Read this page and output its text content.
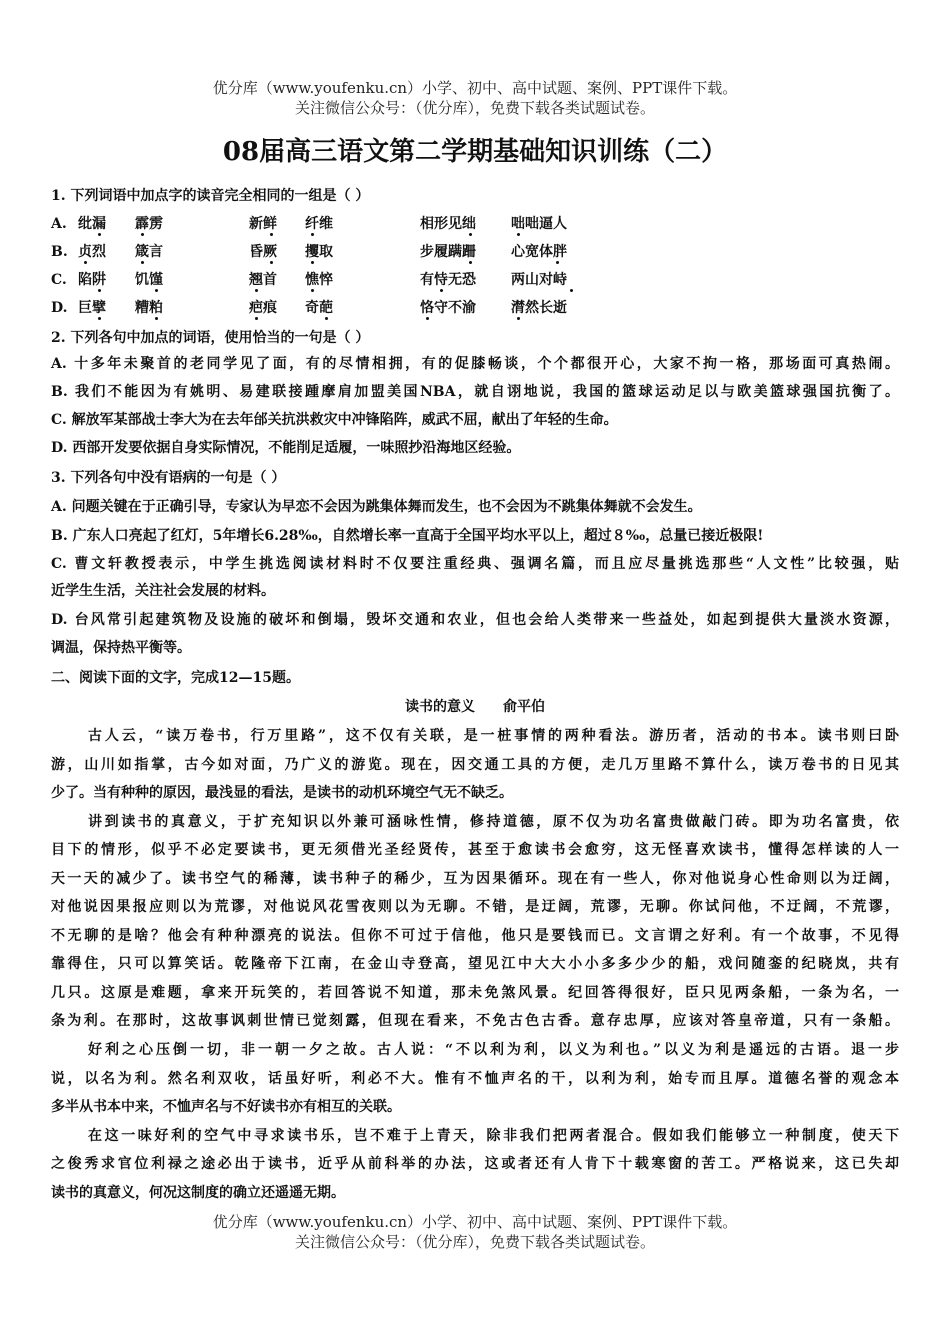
优分库（www.youfenku.cn）小学、初中、高中试题、案例、PPT课件下载。
关注微信公众号：（优分库），免费下载各类试题试卷。
08届高三语文第二学期基础知识训练（二）
1. 下列词语中加点字的读音完全相同的一组是（ ）
A. 纰漏 霹雳	新鲜 纤维	相形见绌	咄咄逼人
B. 贞烈 箴言	昏厥 攫取	步履蹒跚	心宽体胖
C. 陷阱 饥馑	翘首 憔悴	有恃无恐	两山对峙
D. 巨擘 糟粕	疤痕 奇葩	恪守不渝	潸然长逝
2. 下列各句中加点的词语，使用恰当的一句是（ ）
A. 十多年未聚首的老同学见了面，有的尽情相拥，有的促膝畅谈，个个都很开心，大家不拘一格，那场面可真热闹。
B. 我们不能因为有姚明、易建联接踵摩肩加盟美国NBA，就自诩地说，我国的篮球运动足以与欧美篮球强国抗衡了。
C. 解放军某部战士李大为在去年邰关抗洪救灾中冲锋陷阵，威武不屈，献出了年轻的生命。
D. 西部开发要依据自身实际情况，不能削足适履，一味照抄沿海地区经验。
3. 下列各句中没有语病的一句是（ ）
A. 问题关键在于正确引导，专家认为早恋不会因为跳集体舞而发生，也不会因为不跳集体舞就不会发生。
B. 广东人口亮起了红灯，5年增长6.28‰，自然增长率一直高于全国平均水平以上，超过８‰，总量已接近极限!
C. 曹文轩教授表示，中学生挑选阅读材料时不仅要注重经典、强调名篇，而且应尽量挑选那些“人文性”比较强，贴
近学生生活，关注社会发展的材料。
D. 台风常引起建筑物及设施的破坏和倒塌，毁坏交通和农业，但也会给人类带来一些益处，如起到提供大量淡水资源，
调温，保持热平衡等。
二、阅读下面的文字，完成12—15题。
读书的意义　　俞平伯
古人云，“读万卷书，行万里路”，这不仅有关联，是一桩事情的两种看法。游历者，活动的书本。读书则曰卧
游，山川如指掌，古今如对面，乃广义的游览。现在，因交通工具的方便，走几万里路不算什么，读万卷书的日见其
少了。当有种种的原因，最浅显的看法，是读书的动机环境空气无不缺乏。
讲到读书的真意义，于扩充知识以外兼可涵咏性情，修持道德，原不仅为功名富贵做敲门砖。即为功名富贵，依
目下的情形，似乎不必定要读书，更无须借光圣经贤传，甚至于愈读书会愈穷，这无怪喜欢读书，懂得怎样读的人一
天一天的减少了。读书空气的稀薄，读书种子的稀少，互为因果循环。现在有一些人，你对他说身心性命则以为迂阔，
对他说因果报应则以为荒谬，对他说风花雪夜则以为无聊。不错，是迂阔，荒谬，无聊。你试问他，不迂阔，不荒谬，
不无聊的是啥？他会有种种漂亮的说法。但你不可过于信他，他只是要钱而已。文言谓之好利。有一个故事，不见得
靠得住，只可以算笑话。乾隆帝下江南，在金山寺登高，望见江中大大小小多多少少的船，戏问随銮的纪晓岚，共有
几只。这原是难题，拿来开玩笑的，若回答说不知道，那未免煞风景。纪回答得很好，臣只见两条船，一条为名，一
条为利。在那时，这故事讽刺世情已觉刻露，但现在看来，不免古色古香。意存忠厚，应该对答皇帝道，只有一条船。
好利之心压倒一切，非一朝一夕之故。古人说：“不以利为利，以义为利也。”以义为利是遥远的古语。退一步
说，以名为利。然名利双收，话虽好听，利必不大。惟有不恤声名的干，以利为利，始专而且厚。道德名誉的观念本
多半从书本中来，不恤声名与不好读书亦有相互的关联。
在这一味好利的空气中寻求读书乐，岂不难于上青天，除非我们把两者混合。假如我们能够立一种制度，使天下
之俊秀求官位利禄之途必出于读书，近乎从前科举的办法，这或者还有人肯下十载寒窗的苦工。严格说来，这已失却
读书的真意义，何况这制度的确立还遥遥无期。
优分库（www.youfenku.cn）小学、初中、高中试题、案例、PPT课件下载。
关注微信公众号：（优分库），免费下载各类试题试卷。
